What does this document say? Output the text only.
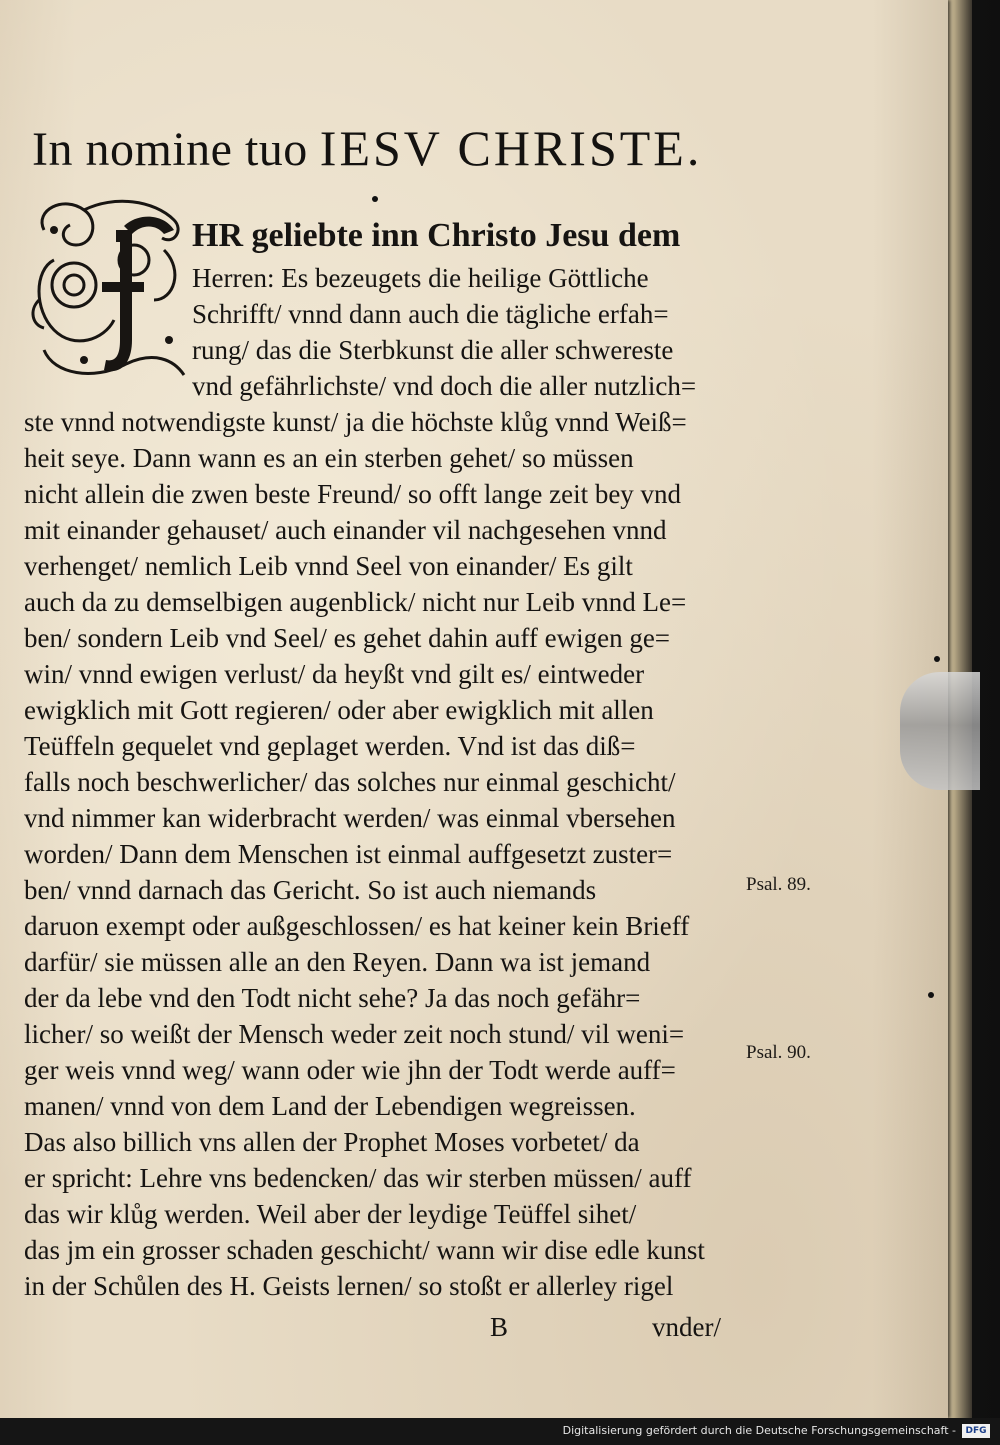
In nomine tuo IESV CHRISTE.
HR geliebte inn Christo Jesu dem
Herren: Es bezeugets die heilige Göttliche
Schrifft/ vnnd dann auch die tägliche erfah=
rung/ das die Sterbkunst die aller schwereste
vnd gefährlichste/ vnd doch die aller nutzlich=
ste vnnd notwendigste kunst/ ja die höchste klůg vnnd Weiß=
heit seye. Dann wann es an ein sterben gehet/ so müssen
nicht allein die zwen beste Freund/ so offt lange zeit bey vnd
mit einander gehauset/ auch einander vil nachgesehen vnnd
verhenget/ nemlich Leib vnnd Seel von einander/ Es gilt
auch da zu demselbigen augenblick/ nicht nur Leib vnnd Le=
ben/ sondern Leib vnd Seel/ es gehet dahin auff ewigen ge=
win/ vnnd ewigen verlust/ da heyßt vnd gilt es/ eintweder
ewigklich mit Gott regieren/ oder aber ewigklich mit allen
Teüffeln gequelet vnd geplaget werden. Vnd ist das diß=
falls noch beschwerlicher/ das solches nur einmal geschicht/
vnd nimmer kan widerbracht werden/ was einmal vbersehen
worden/ Dann dem Menschen ist einmal auffgesetzt zuster=
ben/ vnnd darnach das Gericht. So ist auch niemands
daruon exempt oder außgeschlossen/ es hat keiner kein Brieff
darfür/ sie müssen alle an den Reyen. Dann wa ist jemand
der da lebe vnd den Todt nicht sehe? Ja das noch gefähr=
licher/ so weißt der Mensch weder zeit noch stund/ vil weni=
ger weis vnnd weg/ wann oder wie jhn der Todt werde auff=
manen/ vnnd von dem Land der Lebendigen wegreissen.
Das also billich vns allen der Prophet Moses vorbetet/ da
er spricht: Lehre vns bedencken/ das wir sterben müssen/ auff
das wir klůg werden. Weil aber der leydige Teüffel sihet/
das jm ein grosser schaden geschicht/ wann wir dise edle kunst
in der Schůlen des H. Geists lernen/ so stoßt er allerley rigel
Psal. 89.
Psal. 90.
B	vnder/
Digitalisierung gefördert durch die Deutsche Forschungsgemeinschaft -	DFG
